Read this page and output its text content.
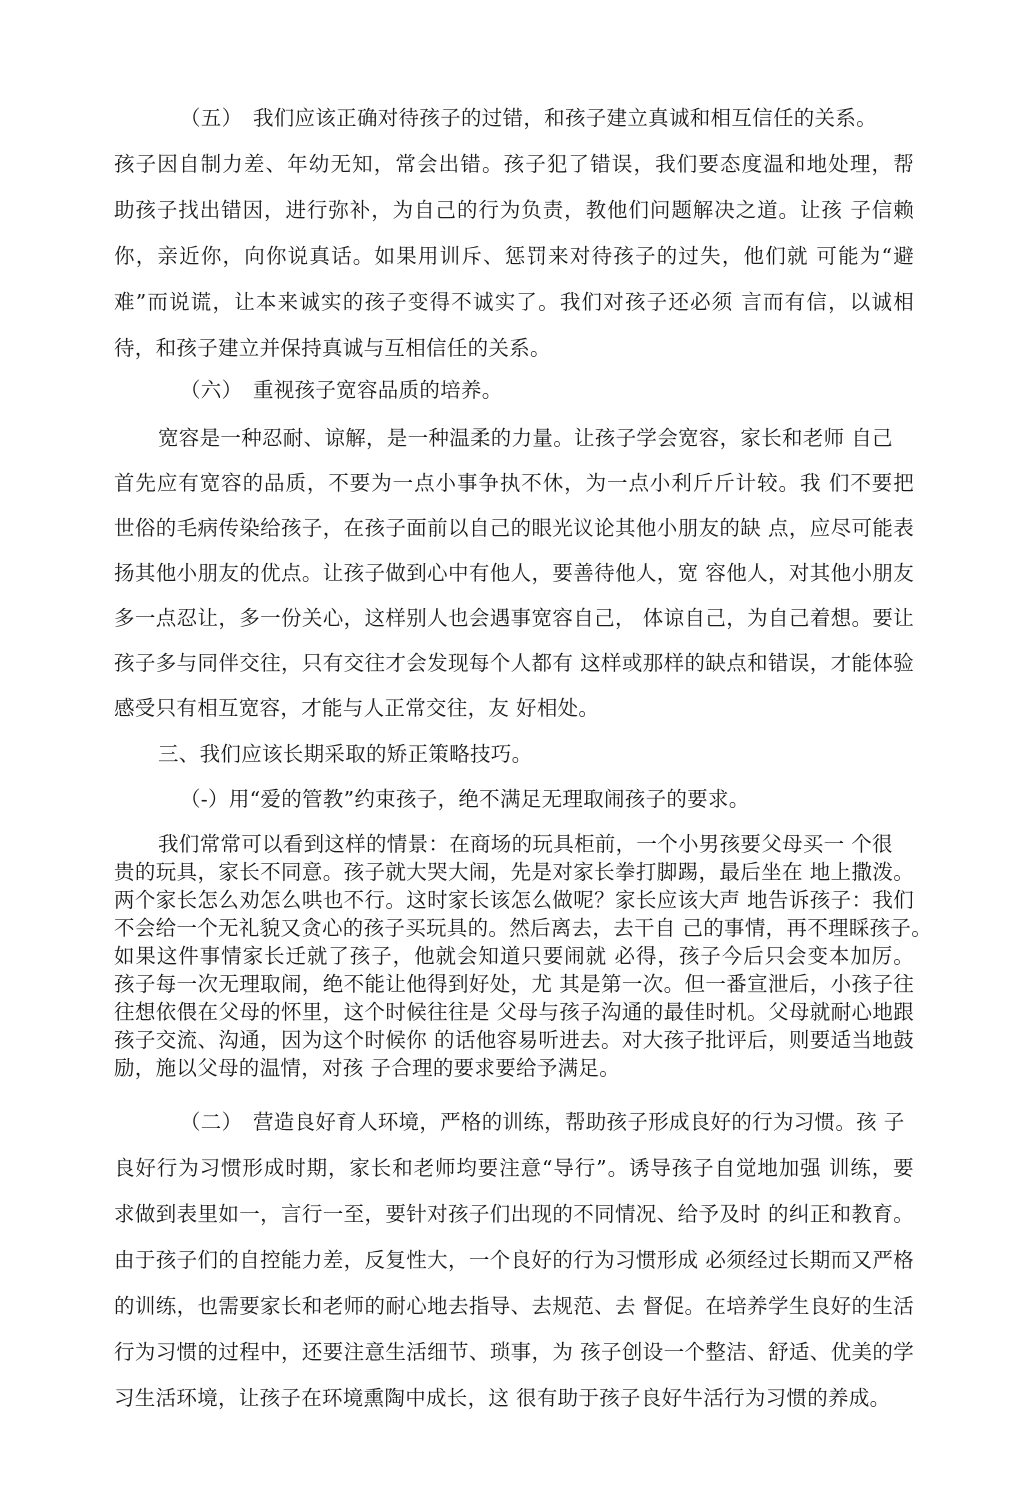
（五）　我们应该正确对待孩子的过错，和孩子建立真诚和相互信任的关系。
孩子因自制力差、年幼无知，常会出错。孩子犯了错误，我们要态度温和地处理，帮
助孩子找出错因，进行弥补，为自己的行为负责，教他们问题解决之道。让孩 子信赖
你，亲近你，向你说真话。如果用训斥、惩罚来对待孩子的过失，他们就 可能为“避
难”而说谎，让本来诚实的孩子变得不诚实了。我们对孩子还必须 言而有信，以诚相
待，和孩子建立并保持真诚与互相信任的关系。
（六）　重视孩子宽容品质的培养。
宽容是一种忍耐、谅解，是一种温柔的力量。让孩子学会宽容，家长和老师 自己
首先应有宽容的品质，不要为一点小事争执不休，为一点小利斤斤计较。我 们不要把
世俗的毛病传染给孩子，在孩子面前以自己的眼光议论其他小朋友的缺 点，应尽可能表
扬其他小朋友的优点。让孩子做到心中有他人，要善待他人，宽 容他人，对其他小朋友
多一点忍让，多一份关心，这样别人也会遇事宽容自己， 体谅自己，为自己着想。要让
孩子多与同伴交往，只有交往才会发现每个人都有 这样或那样的缺点和错误，才能体验
感受只有相互宽容，才能与人正常交往，友 好相处。
三、我们应该长期采取的矫正策略技巧。
（-）用“爱的管教”约束孩子，绝不满足无理取闹孩子的要求。
我们常常可以看到这样的情景：在商场的玩具柜前，一个小男孩要父母买一 个很
贵的玩具，家长不同意。孩子就大哭大闹，先是对家长拳打脚踢，最后坐在 地上撒泼。
两个家长怎么劝怎么哄也不行。这时家长该怎么做呢？家长应该大声 地告诉孩子：我们
不会给一个无礼貌又贪心的孩子买玩具的。然后离去，去干自 己的事情，再不理睬孩子。
如果这件事情家长迁就了孩子，他就会知道只要闹就 必得，孩子今后只会变本加厉。
孩子每一次无理取闹，绝不能让他得到好处，尤 其是第一次。但一番宣泄后，小孩子往
往想依偎在父母的怀里，这个时候往往是 父母与孩子沟通的最佳时机。父母就耐心地跟
孩子交流、沟通，因为这个时候你 的话他容易听进去。对大孩子批评后，则要适当地鼓
励，施以父母的温情，对孩 子合理的要求要给予满足。
（二）　营造良好育人环境，严格的训练，帮助孩子形成良好的行为习惯。孩 子
良好行为习惯形成时期，家长和老师均要注意“导行”。诱导孩子自觉地加强 训练，要
求做到表里如一，言行一至，要针对孩子们出现的不同情况、给予及时 的纠正和教育。
由于孩子们的自控能力差，反复性大，一个良好的行为习惯形成 必须经过长期而又严格
的训练，也需要家长和老师的耐心地去指导、去规范、去 督促。在培养学生良好的生活
行为习惯的过程中，还要注意生活细节、琐事，为 孩子创设一个整洁、舒适、优美的学
习生活环境，让孩子在环境熏陶中成长，这 很有助于孩子良好牛活行为习惯的养成。
